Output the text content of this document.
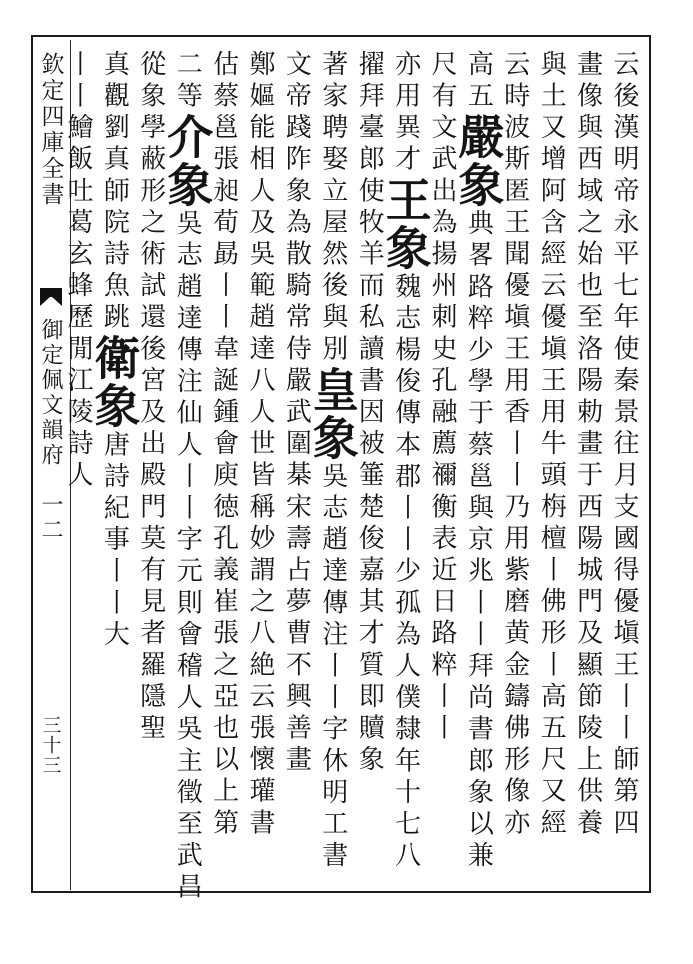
欽定四庫全書
御定佩文韻府　一二
三十三	云後漢明帝永平七年使秦景往月支國得優塡王丨丨師第四
畫像與西域之始也至洛陽勅畫于西陽城門及顯節陵上供養
與土又增阿含經云優塡王用牛頭栴檀丨佛形丨高五尺又經
云時波斯匿王聞優塡王用香丨丨乃用紫磨黄金鑄佛形像亦
高五嚴象典畧路粹少學于蔡邕與京兆丨丨拜尚書郎象以兼
尺有文武出為揚州刺史孔融薦禰衡表近日路粹丨丨
亦用異才王象魏志楊俊傳本郡丨丨少孤為人僕隸年十七八
擢拜臺郎使牧羊而私讀書因被箠楚俊嘉其才質即贖象
著家聘娶立屋然後與別皇象吳志趙達傳注丨丨字休明工書
文帝踐阼象為散騎常侍嚴武圍棊宋壽占夢曹不興善畫
鄭嫗能相人及吳範趙達八人世皆稱妙謂之八絶云張懷瓘書
估蔡邕張昶荀勗丨丨韋誕鍾會庾徳孔義崔張之亞也以上第
二等介象吳志趙達傳注仙人丨丨字元則會稽人吳主徵至武昌
從象學蔽形之術試還後宮及出殿門莫有見者羅隱聖
真觀劉真師院詩魚跳衛象唐詩紀事丨丨大
丨丨鱠飯吐葛玄蜂歷閒江陵詩人
